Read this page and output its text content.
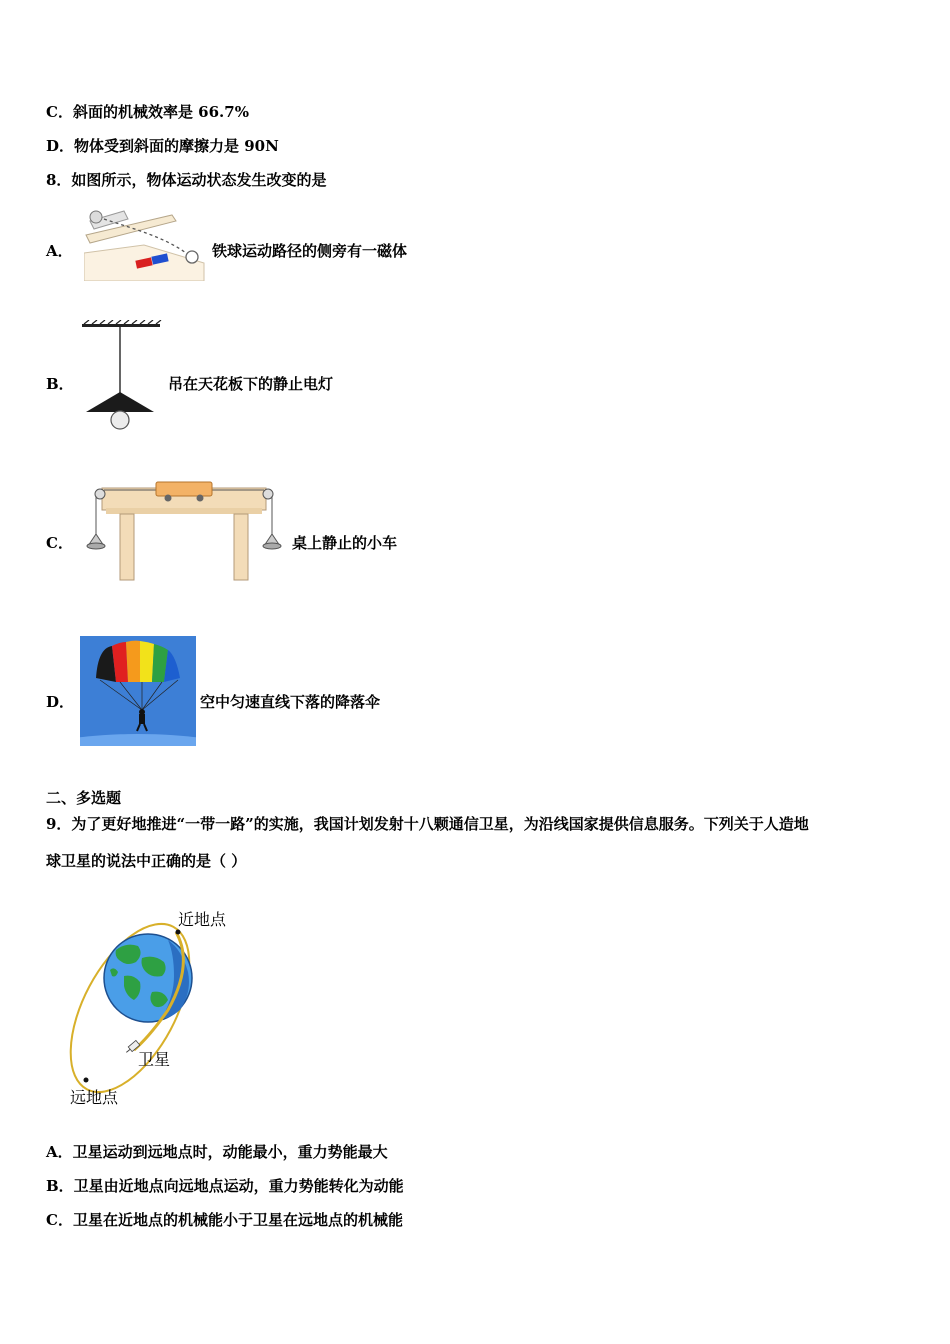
C．斜面的机械效率是 66.7%
D．物体受到斜面的摩擦力是 90N
8．如图所示，物体运动状态发生改变的是
A．	铁球运动路径的侧旁有一磁体
B．	吊在天花板下的静止电灯
C．	桌上静止的小车
D．	空中匀速直线下落的降落伞
二、多选题
9．为了更好地推进“一带一路”的实施，我国计划发射十八颗通信卫星，为沿线国家提供信息服务。下列关于人造地
球卫星的说法中正确的是（ ）
近地点
卫星
远地点
A．卫星运动到远地点时，动能最小，重力势能最大
B．卫星由近地点向远地点运动，重力势能转化为动能
C．卫星在近地点的机械能小于卫星在远地点的机械能
